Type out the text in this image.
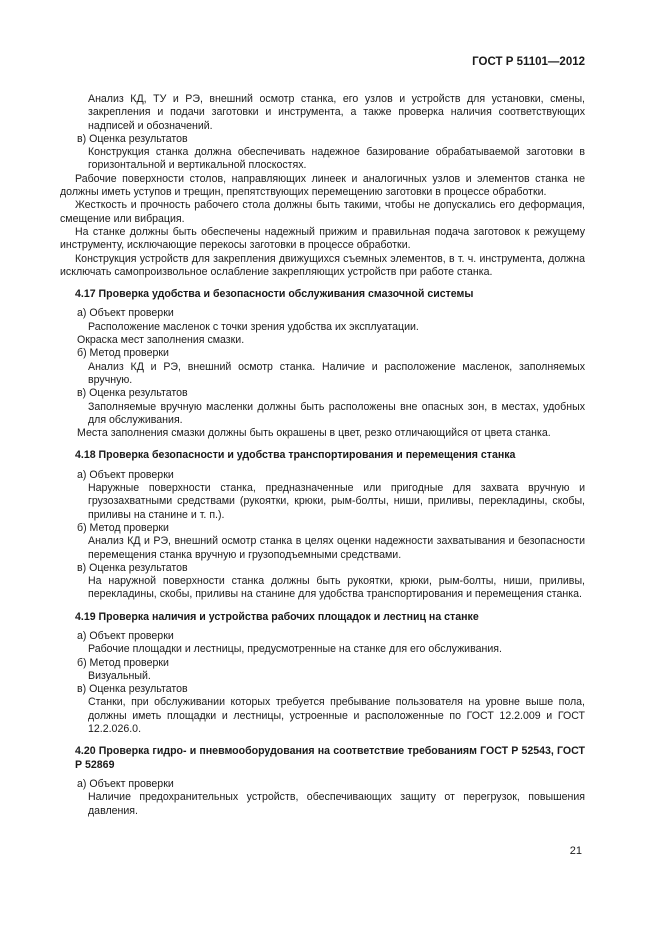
ГОСТ Р 51101—2012

Анализ КД, ТУ и РЭ, внешний осмотр станка, его узлов и устройств для установки, смены, закрепления и подачи заготовки и инструмента, а также проверка наличия соответствующих надписей и обозначений.

в) Оценка результатов

Конструкция станка должна обеспечивать надежное базирование обрабатываемой заготовки в горизонтальной и вертикальной плоскостях.

Рабочие поверхности столов, направляющих линеек и аналогичных узлов и элементов станка не должны иметь уступов и трещин, препятствующих перемещению заготовки в процессе обработки.

Жесткость и прочность рабочего стола должны быть такими, чтобы не допускались его деформация, смещение или вибрация.

На станке должны быть обеспечены надежный прижим и правильная подача заготовок к режущему инструменту, исключающие перекосы заготовки в процессе обработки.

Конструкция устройств для закрепления движущихся съемных элементов, в т. ч. инструмента, должна исключать самопроизвольное ослабление закрепляющих устройств при работе станка.

4.17 Проверка удобства и безопасности обслуживания смазочной системы

а) Объект проверки

Расположение масленок с точки зрения удобства их эксплуатации.

Окраска мест заполнения смазки.

б) Метод проверки

Анализ КД и РЭ, внешний осмотр станка. Наличие и расположение масленок, заполняемых вручную.

в) Оценка результатов

Заполняемые вручную масленки должны быть расположены вне опасных зон, в местах, удобных для обслуживания.

Места заполнения смазки должны быть окрашены в цвет, резко отличающийся от цвета станка.

4.18 Проверка безопасности и удобства транспортирования и перемещения станка

а) Объект проверки

Наружные поверхности станка, предназначенные или пригодные для захвата вручную и грузозахватными средствами (рукоятки, крюки, рым-болты, ниши, приливы, перекладины, скобы, приливы на станине и т. п.).

б) Метод проверки

Анализ КД и РЭ, внешний осмотр станка в целях оценки надежности захватывания и безопасности перемещения станка вручную и грузоподъемными средствами.

в) Оценка результатов

На наружной поверхности станка должны быть рукоятки, крюки, рым-болты, ниши, приливы, перекладины, скобы, приливы на станине для удобства транспортирования и перемещения станка.

4.19 Проверка наличия и устройства рабочих площадок и лестниц на станке

а) Объект проверки

Рабочие площадки и лестницы, предусмотренные на станке для его обслуживания.

б) Метод проверки

Визуальный.

в) Оценка результатов

Станки, при обслуживании которых требуется пребывание пользователя на уровне выше пола, должны иметь площадки и лестницы, устроенные и расположенные по ГОСТ 12.2.009 и ГОСТ 12.2.026.0.

4.20 Проверка гидро- и пневмооборудования на соответствие требованиям ГОСТ Р 52543, ГОСТ Р 52869

а) Объект проверки

Наличие предохранительных устройств, обеспечивающих защиту от перегрузок, повышения давления.

21
